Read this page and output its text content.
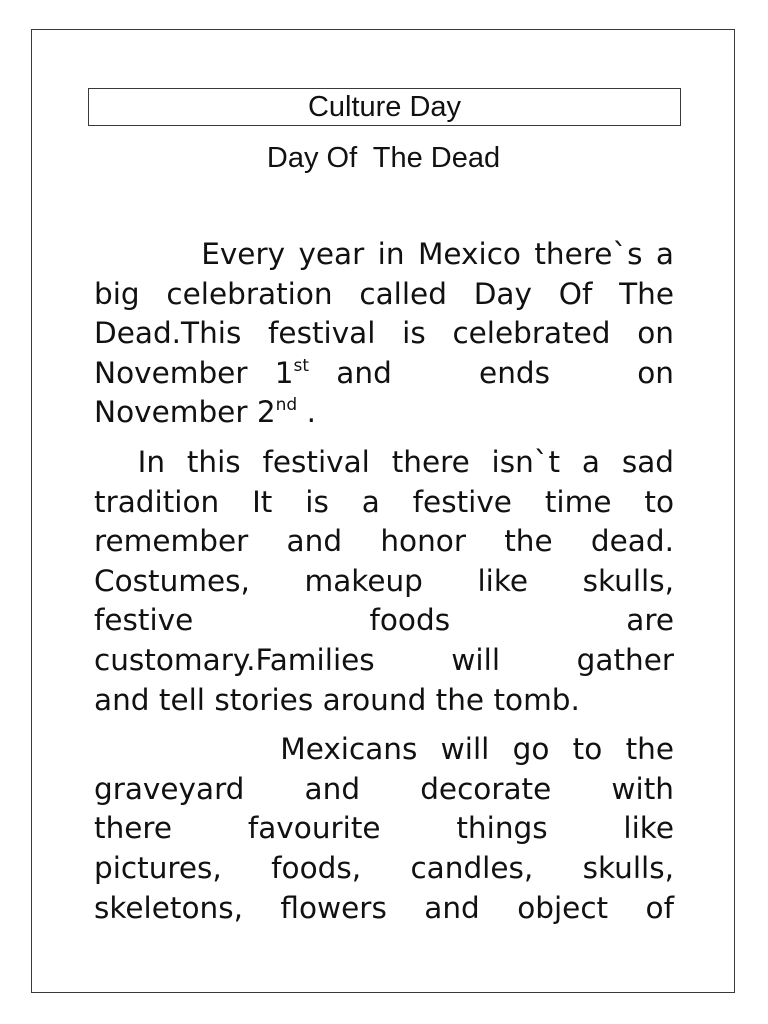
Culture Day
Day Of  The Dead
Every year in Mexico there`s a
big celebration called Day Of The
Dead.This festival is celebrated on
November 1st and ends on
November 2nd .
In this festival there isn`t a sad
tradition It is a festive time to
remember and honor the dead.
Costumes, makeup like skulls,
festive foods are
customary.Families will gather
and tell stories around the tomb.
Mexicans will go to the
graveyard and decorate with
there favourite things like
pictures, foods, candles, skulls,
skeletons, flowers and object of
